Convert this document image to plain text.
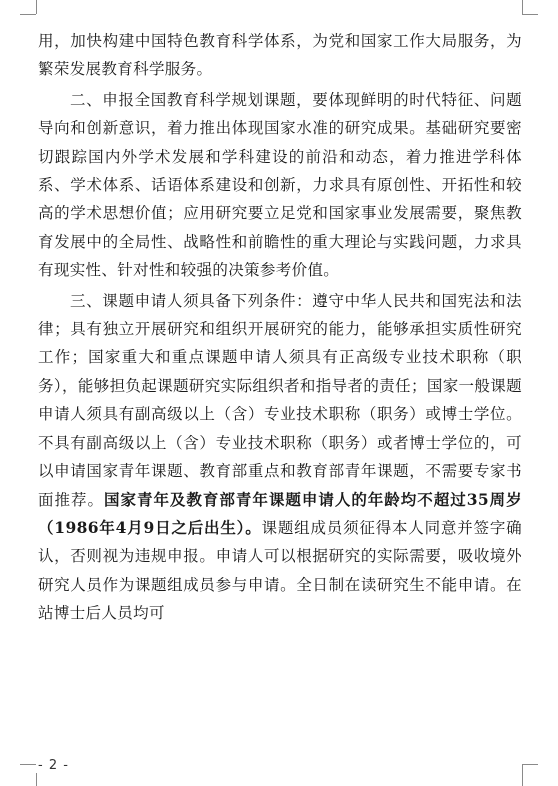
用，加快构建中国特色教育科学体系，为党和国家工作大局服务，为繁荣发展教育科学服务。

二、申报全国教育科学规划课题，要体现鲜明的时代特征、问题导向和创新意识，着力推出体现国家水准的研究成果。基础研究要密切跟踪国内外学术发展和学科建设的前沿和动态，着力推进学科体系、学术体系、话语体系建设和创新，力求具有原创性、开拓性和较高的学术思想价值；应用研究要立足党和国家事业发展需要，聚焦教育发展中的全局性、战略性和前瞻性的重大理论与实践问题，力求具有现实性、针对性和较强的决策参考价值。

三、课题申请人须具备下列条件：遵守中华人民共和国宪法和法律；具有独立开展研究和组织开展研究的能力，能够承担实质性研究工作；国家重大和重点课题申请人须具有正高级专业技术职称（职务），能够担负起课题研究实际组织者和指导者的责任；国家一般课题申请人须具有副高级以上（含）专业技术职称（职务）或博士学位。不具有副高级以上（含）专业技术职称（职务）或者博士学位的，可以申请国家青年课题、教育部重点和教育部青年课题，不需要专家书面推荐。国家青年及教育部青年课题申请人的年龄均不超过35周岁（1986年4月9日之后出生）。课题组成员须征得本人同意并签字确认，否则视为违规申报。申请人可以根据研究的实际需要，吸收境外研究人员作为课题组成员参与申请。全日制在读研究生不能申请。在站博士后人员均可

- 2 -
